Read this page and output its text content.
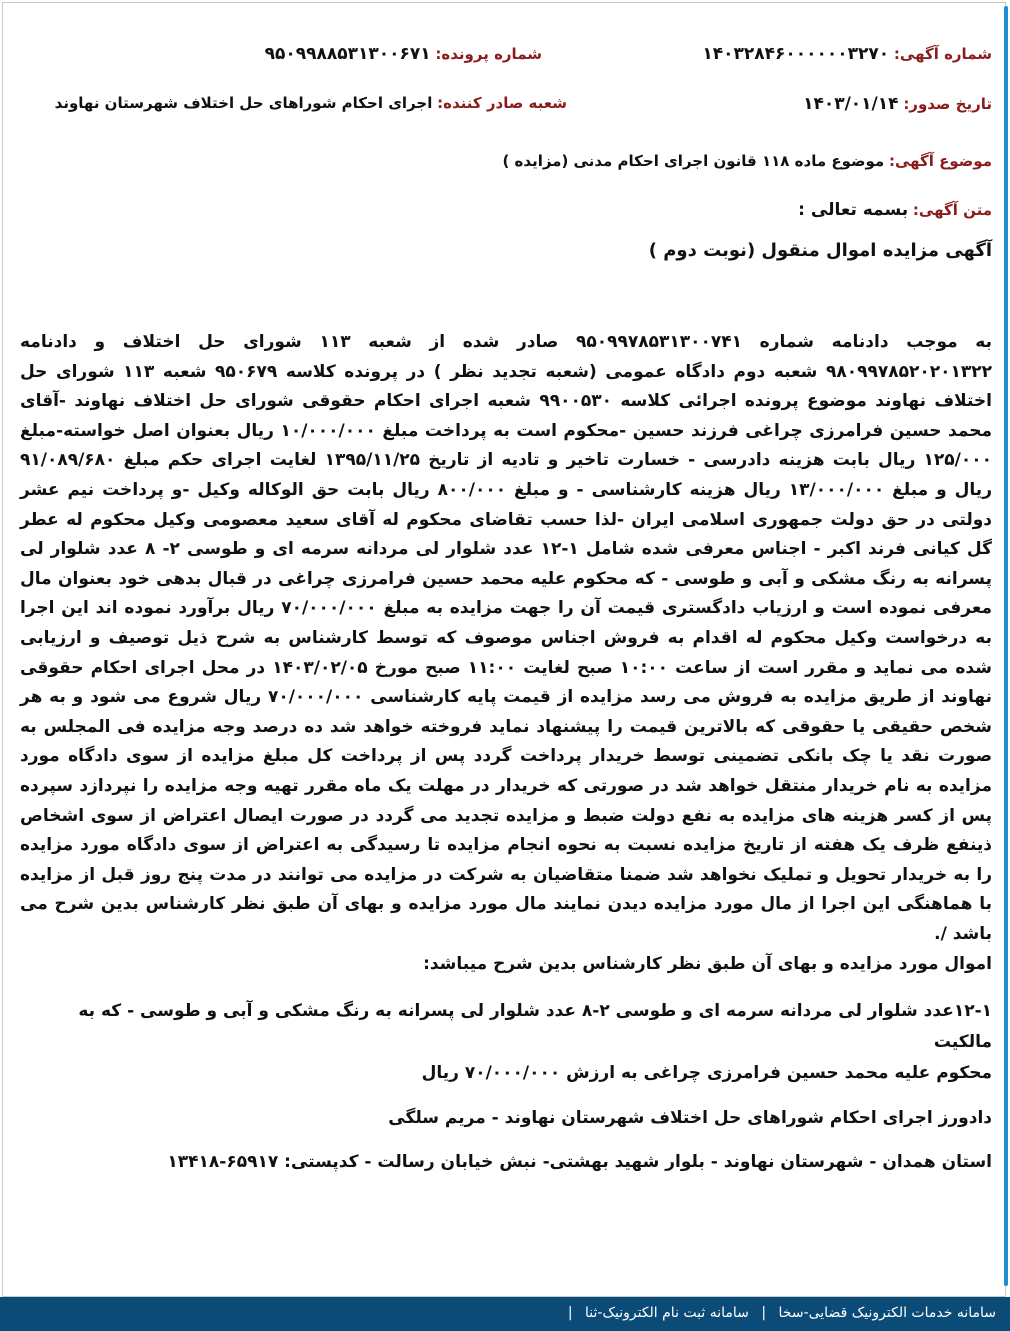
شماره آگهی: ۱۴۰۳۲۸۴۶۰۰۰۰۰۰۳۲۷۰
شماره پرونده: ۹۵۰۹۹۸۸۵۳۱۳۰۰۶۷۱
تاریخ صدور: ۱۴۰۳/۰۱/۱۴
شعبه صادر کننده: اجرای احکام شوراهای حل اختلاف شهرستان نهاوند
موضوع آگهی: موضوع ماده ۱۱۸ قانون اجرای احکام مدنی (مزایده )
متن آگهی: بسمه تعالی :
آگهی مزایده اموال منقول (نوبت دوم )

به موجب دادنامه شماره ۹۵۰۹۹۷۸۵۳۱۳۰۰۷۴۱ صادر شده از شعبه ۱۱۳ شورای حل اختلاف و دادنامه ۹۸۰۹۹۷۸۵۲۰۲۰۱۳۲۲ شعبه دوم دادگاه عمومی (شعبه تجدید نظر ) در پرونده کلاسه ۹۵۰۶۷۹ شعبه ۱۱۳ شورای حل اختلاف نهاوند موضوع پرونده اجرائی کلاسه ۹۹۰۰۵۳۰ شعبه اجرای احکام حقوقی شورای حل اختلاف نهاوند -آقای محمد حسین فرامرزی چراغی فرزند حسین -محکوم است به پرداخت مبلغ ۱۰/۰۰۰/۰۰۰ ریال بعنوان اصل خواسته-مبلغ ۱۲۵/۰۰۰ ریال بابت هزینه دادرسی - خسارت تاخیر و تادیه از تاریخ ۱۳۹۵/۱۱/۲۵ لغایت اجرای حکم مبلغ ۹۱/۰۸۹/۶۸۰ ریال و مبلغ ۱۳/۰۰۰/۰۰۰ ریال هزینه کارشناسی - و مبلغ ۸۰۰/۰۰۰ ریال بابت حق الوکاله وکیل -و پرداخت نیم عشر دولتی در حق دولت جمهوری اسلامی ایران -لذا حسب تقاضای محکوم له آقای سعید معصومی وکیل محکوم له عطر گل کیانی فرند اکبر - اجناس معرفی شده شامل ۱-۱۲ عدد شلوار لی مردانه سرمه ای و طوسی ۲- ۸ عدد شلوار لی پسرانه به رنگ مشکی و آبی و طوسی - که محکوم علیه محمد حسین فرامرزی چراغی در قبال بدهی خود بعنوان مال معرفی نموده است و ارزیاب دادگستری قیمت آن را جهت مزایده به مبلغ ۷۰/۰۰۰/۰۰۰ ریال برآورد نموده اند این اجرا به درخواست وکیل محکوم له اقدام به فروش اجناس موصوف که توسط کارشناس به شرح ذیل توصیف و ارزیابی شده می نماید و مقرر است از ساعت ۱۰:۰۰ صبح لغایت ۱۱:۰۰ صبح مورخ ۱۴۰۳/۰۲/۰۵ در محل اجرای احکام حقوقی نهاوند از طریق مزایده به فروش می رسد مزایده از قیمت پایه کارشناسی ۷۰/۰۰۰/۰۰۰ ریال شروع می شود و به هر شخص حقیقی یا حقوقی که بالاترین قیمت را پیشنهاد نماید فروخته خواهد شد ده درصد وجه مزایده فی المجلس به صورت نقد یا چک بانکی تضمینی توسط خریدار پرداخت گردد پس از پرداخت کل مبلغ مزایده از سوی دادگاه مورد مزایده به نام خریدار منتقل خواهد شد در صورتی که خریدار در مهلت یک ماه مقرر تهیه وجه مزایده را نپردازد سپرده پس از کسر هزینه های مزایده به نفع دولت ضبط و مزایده تجدید می گردد در صورت ایصال اعتراض از سوی اشخاص ذینفع ظرف یک هفته از تاریخ مزایده نسبت به نحوه انجام مزایده تا رسیدگی به اعتراض از سوی دادگاه مورد مزایده را به خریدار تحویل و تملیک نخواهد شد ضمنا متقاضیان به شرکت در مزایده می توانند در مدت پنج روز قبل از مزایده با هماهنگی این اجرا از مال مورد مزایده دیدن نمایند مال مورد مزایده و بهای آن طبق نظر کارشناس بدین شرح می باشد /.

اموال مورد مزایده و بهای آن طبق نظر کارشناس بدین شرح میباشد:
۱۲-۱عدد شلوار لی مردانه سرمه ای و طوسی ۲-۸ عدد شلوار لی پسرانه به رنگ مشکی و آبی و طوسی - که به مالکیت
محکوم علیه محمد حسین فرامرزی چراغی به ارزش ۷۰/۰۰۰/۰۰۰ ریال
دادورز اجرای احکام شوراهای حل اختلاف شهرستان نهاوند - مریم سلگی
استان همدان - شهرستان نهاوند - بلوار شهید بهشتی- نبش خیابان رسالت - کدپستی: ۶۵۹۱۷-۱۳۴۱۸
سامانه خدمات الکترونیک قضایی-سخا | سامانه ثبت نام الکترونیک-ثنا |
